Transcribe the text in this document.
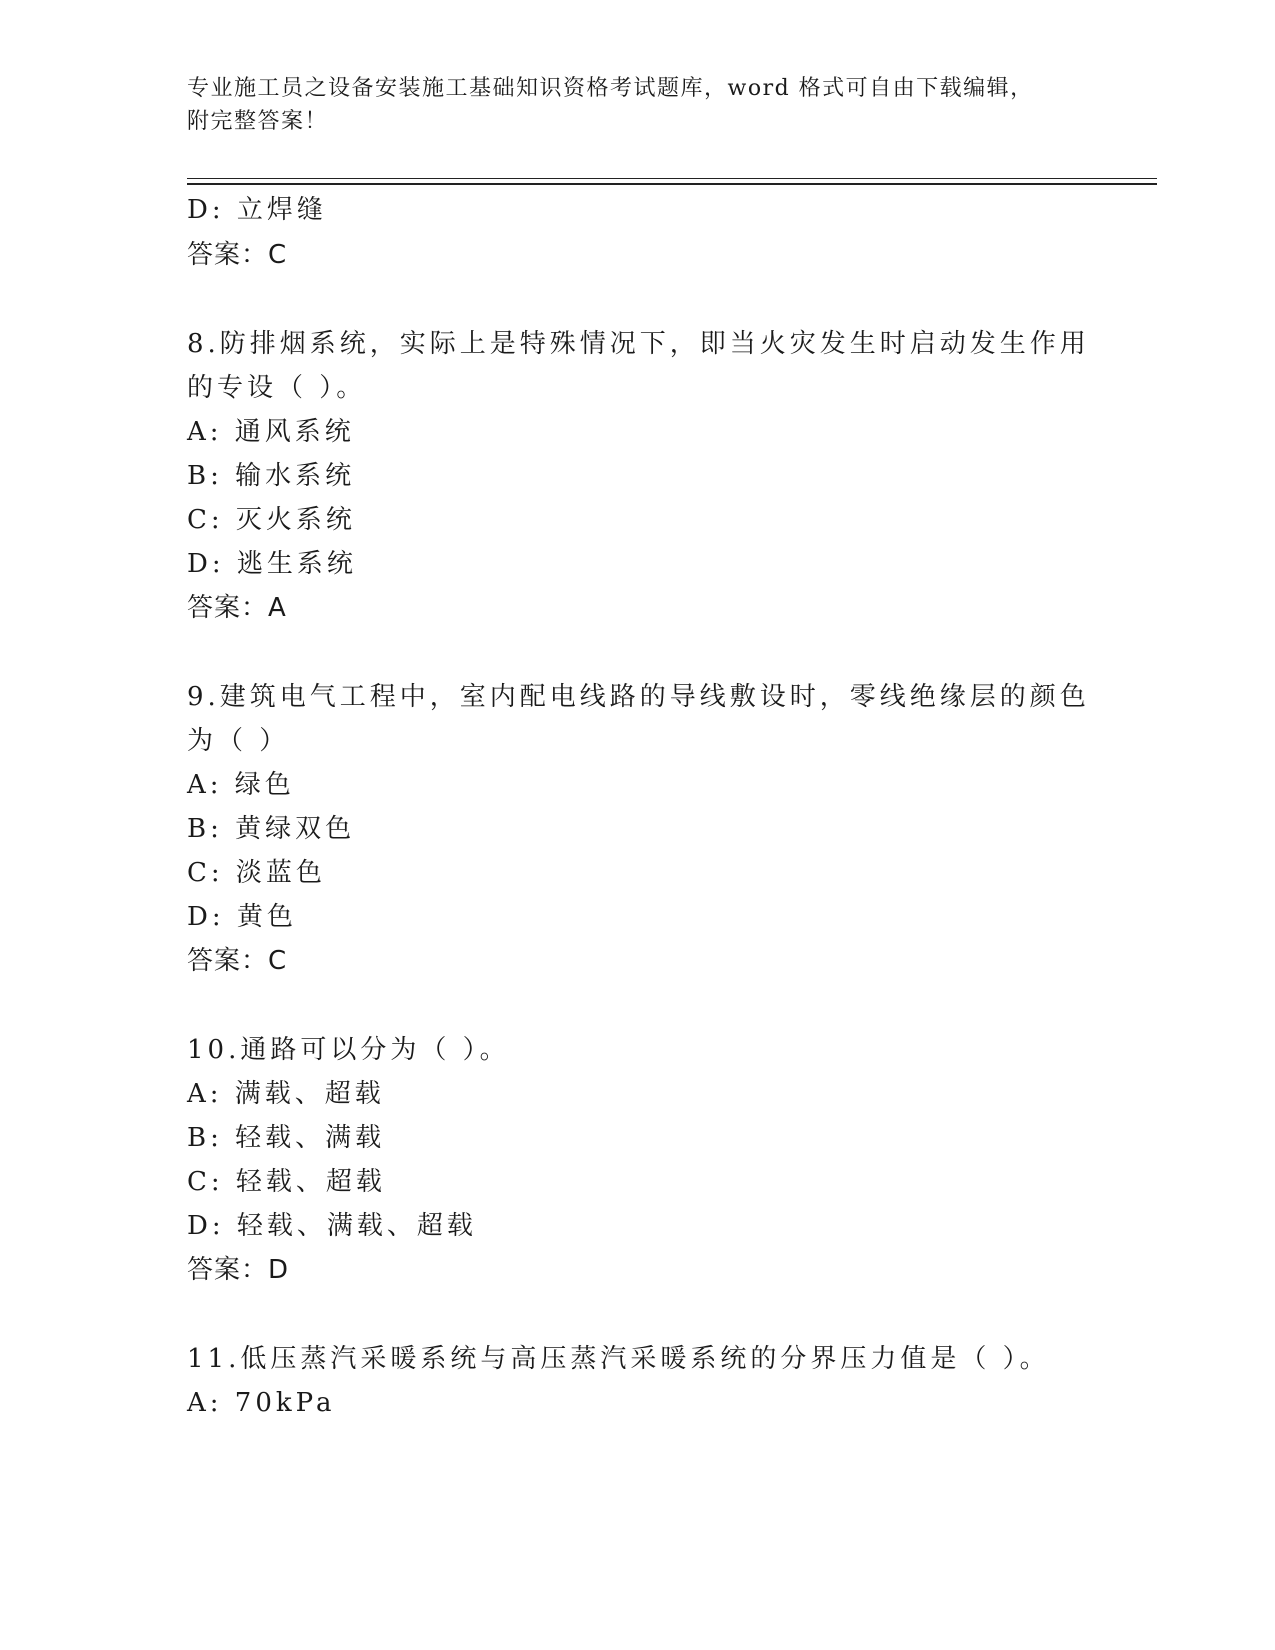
专业施工员之设备安装施工基础知识资格考试题库，word 格式可自由下载编辑，
附完整答案！
D: 立焊缝
答案：C
8.防排烟系统，实际上是特殊情况下，即当火灾发生时启动发生作用
的专设（ ）。
A: 通风系统
B: 输水系统
C: 灭火系统
D: 逃生系统
答案：A
9.建筑电气工程中，室内配电线路的导线敷设时，零线绝缘层的颜色
为（ ）
A: 绿色
B: 黄绿双色
C: 淡蓝色
D: 黄色
答案：C
10.通路可以分为（ ）。
A: 满载、超载
B: 轻载、满载
C: 轻载、超载
D: 轻载、满载、超载
答案：D
11.低压蒸汽采暖系统与高压蒸汽采暖系统的分界压力值是（ ）。
A: 70kPa
